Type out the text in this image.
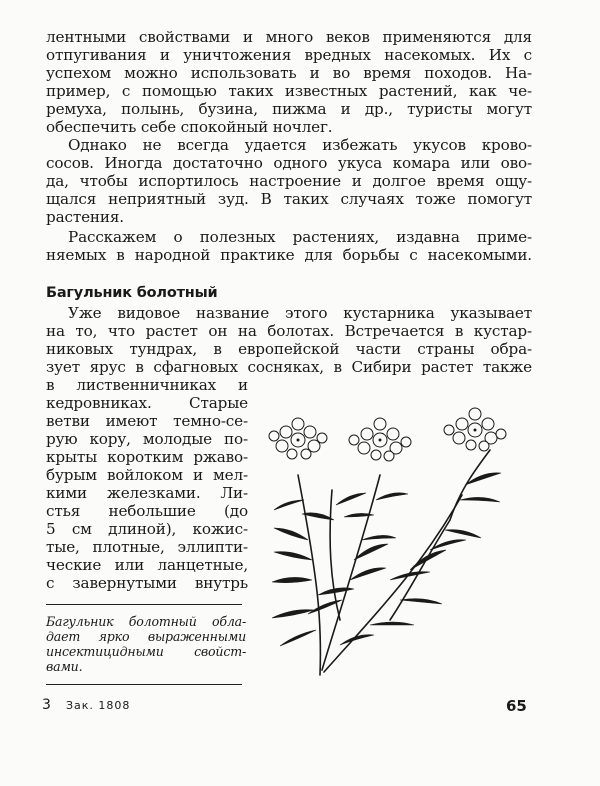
лентными свойствами и много веков применяются для
отпугивания и уничтожения вредных насекомых. Их с
успехом можно использовать и во время походов. На-
пример, с помощью таких известных растений, как че-
ремуха, полынь, бузина, пижма и др., туристы могут
обеспечить себе спокойный ночлег.
Однако не всегда удается избежать укусов крово-
сосов. Иногда достаточно одного укуса комара или ово-
да, чтобы испортилось настроение и долгое время ощу-
щался неприятный зуд. В таких случаях тоже помогут
растения.
Расскажем о полезных растениях, издавна приме-
няемых в народной практике для борьбы с насекомыми.
Багульник болотный
Уже видовое название этого кустарника указывает
на то, что растет он на болотах. Встречается в кустар-
никовых тундрах, в европейской части страны обра-
зует ярус в сфагновых сосняках, в Сибири растет также
в лиственничниках и
кедровниках. Старые
ветви имеют темно-се-
рую кору, молодые по-
крыты коротким ржаво-
бурым войлоком и мел-
кими железками. Ли-
стья небольшие (до
5 см длиной), кожис-
тые, плотные, эллипти-
ческие или ланцетные,
с завернутыми внутрь
Багульник болотный обла-
дает ярко выраженными
инсектицидными свойст-
вами.
3 Зак. 1808	65
